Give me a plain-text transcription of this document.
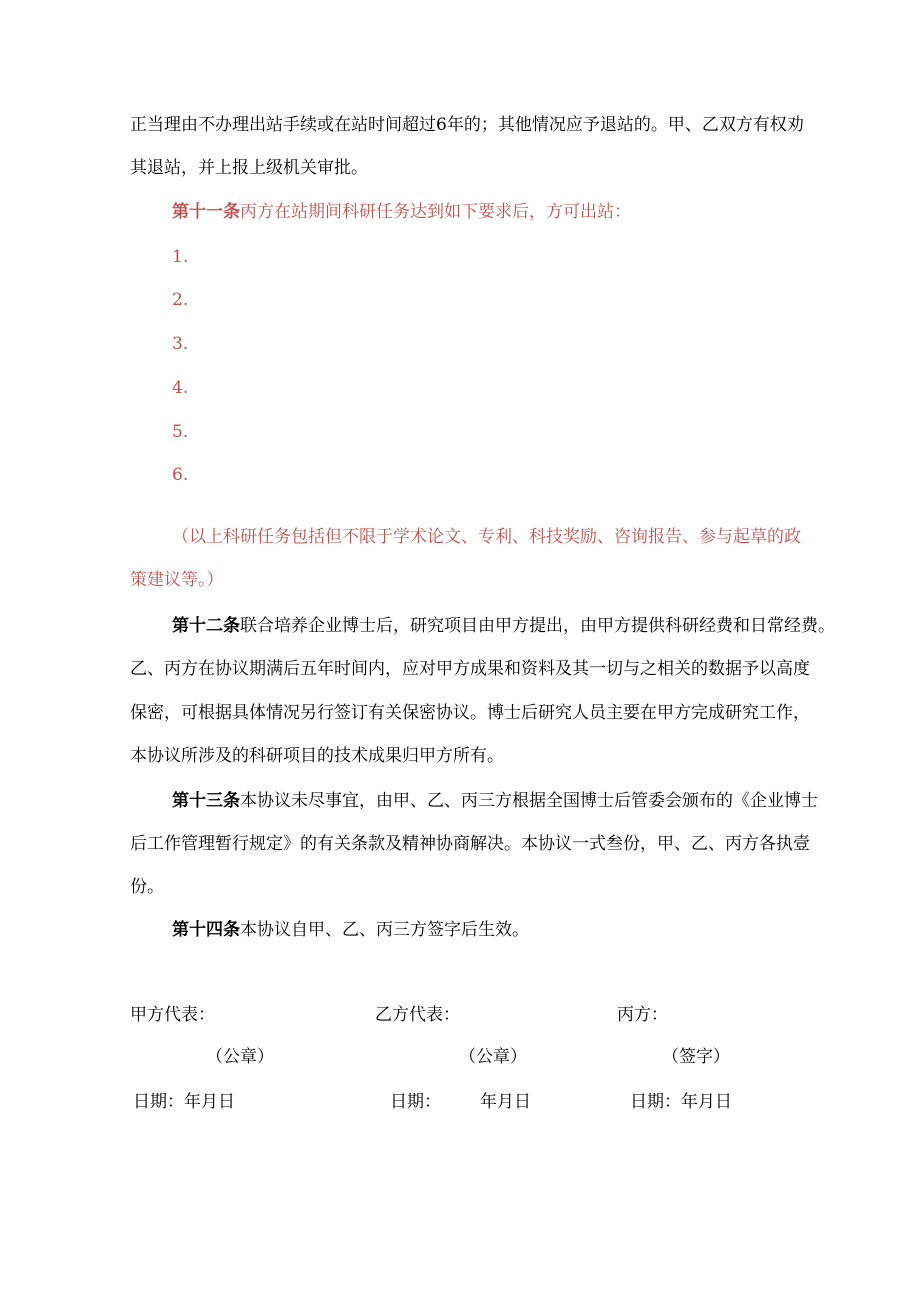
正当理由不办理出站手续或在站时间超过6年的；其他情况应予退站的。甲、乙双方有权劝
其退站，并上报上级机关审批。
第十一条丙方在站期间科研任务达到如下要求后，方可出站：
1.
2.
3.
4.
5.
6.
（以上科研任务包括但不限于学术论文、专利、科技奖励、咨询报告、参与起草的政
策建议等。）
第十二条联合培养企业博士后，研究项目由甲方提出，由甲方提供科研经费和日常经费。
乙、丙方在协议期满后五年时间内，应对甲方成果和资料及其一切与之相关的数据予以高度
保密，可根据具体情况另行签订有关保密协议。博士后研究人员主要在甲方完成研究工作，
本协议所涉及的科研项目的技术成果归甲方所有。
第十三条本协议未尽事宜，由甲、乙、丙三方根据全国博士后管委会颁布的《企业博士
后工作管理暂行规定》的有关条款及精神协商解决。本协议一式叁份，甲、乙、丙方各执壹
份。
第十四条本协议自甲、乙、丙三方签字后生效。
甲方代表：	乙方代表：	丙方：
（公章）	（公章）	（签字）
日期：年月日	日期： 年月日	日期：年月日
